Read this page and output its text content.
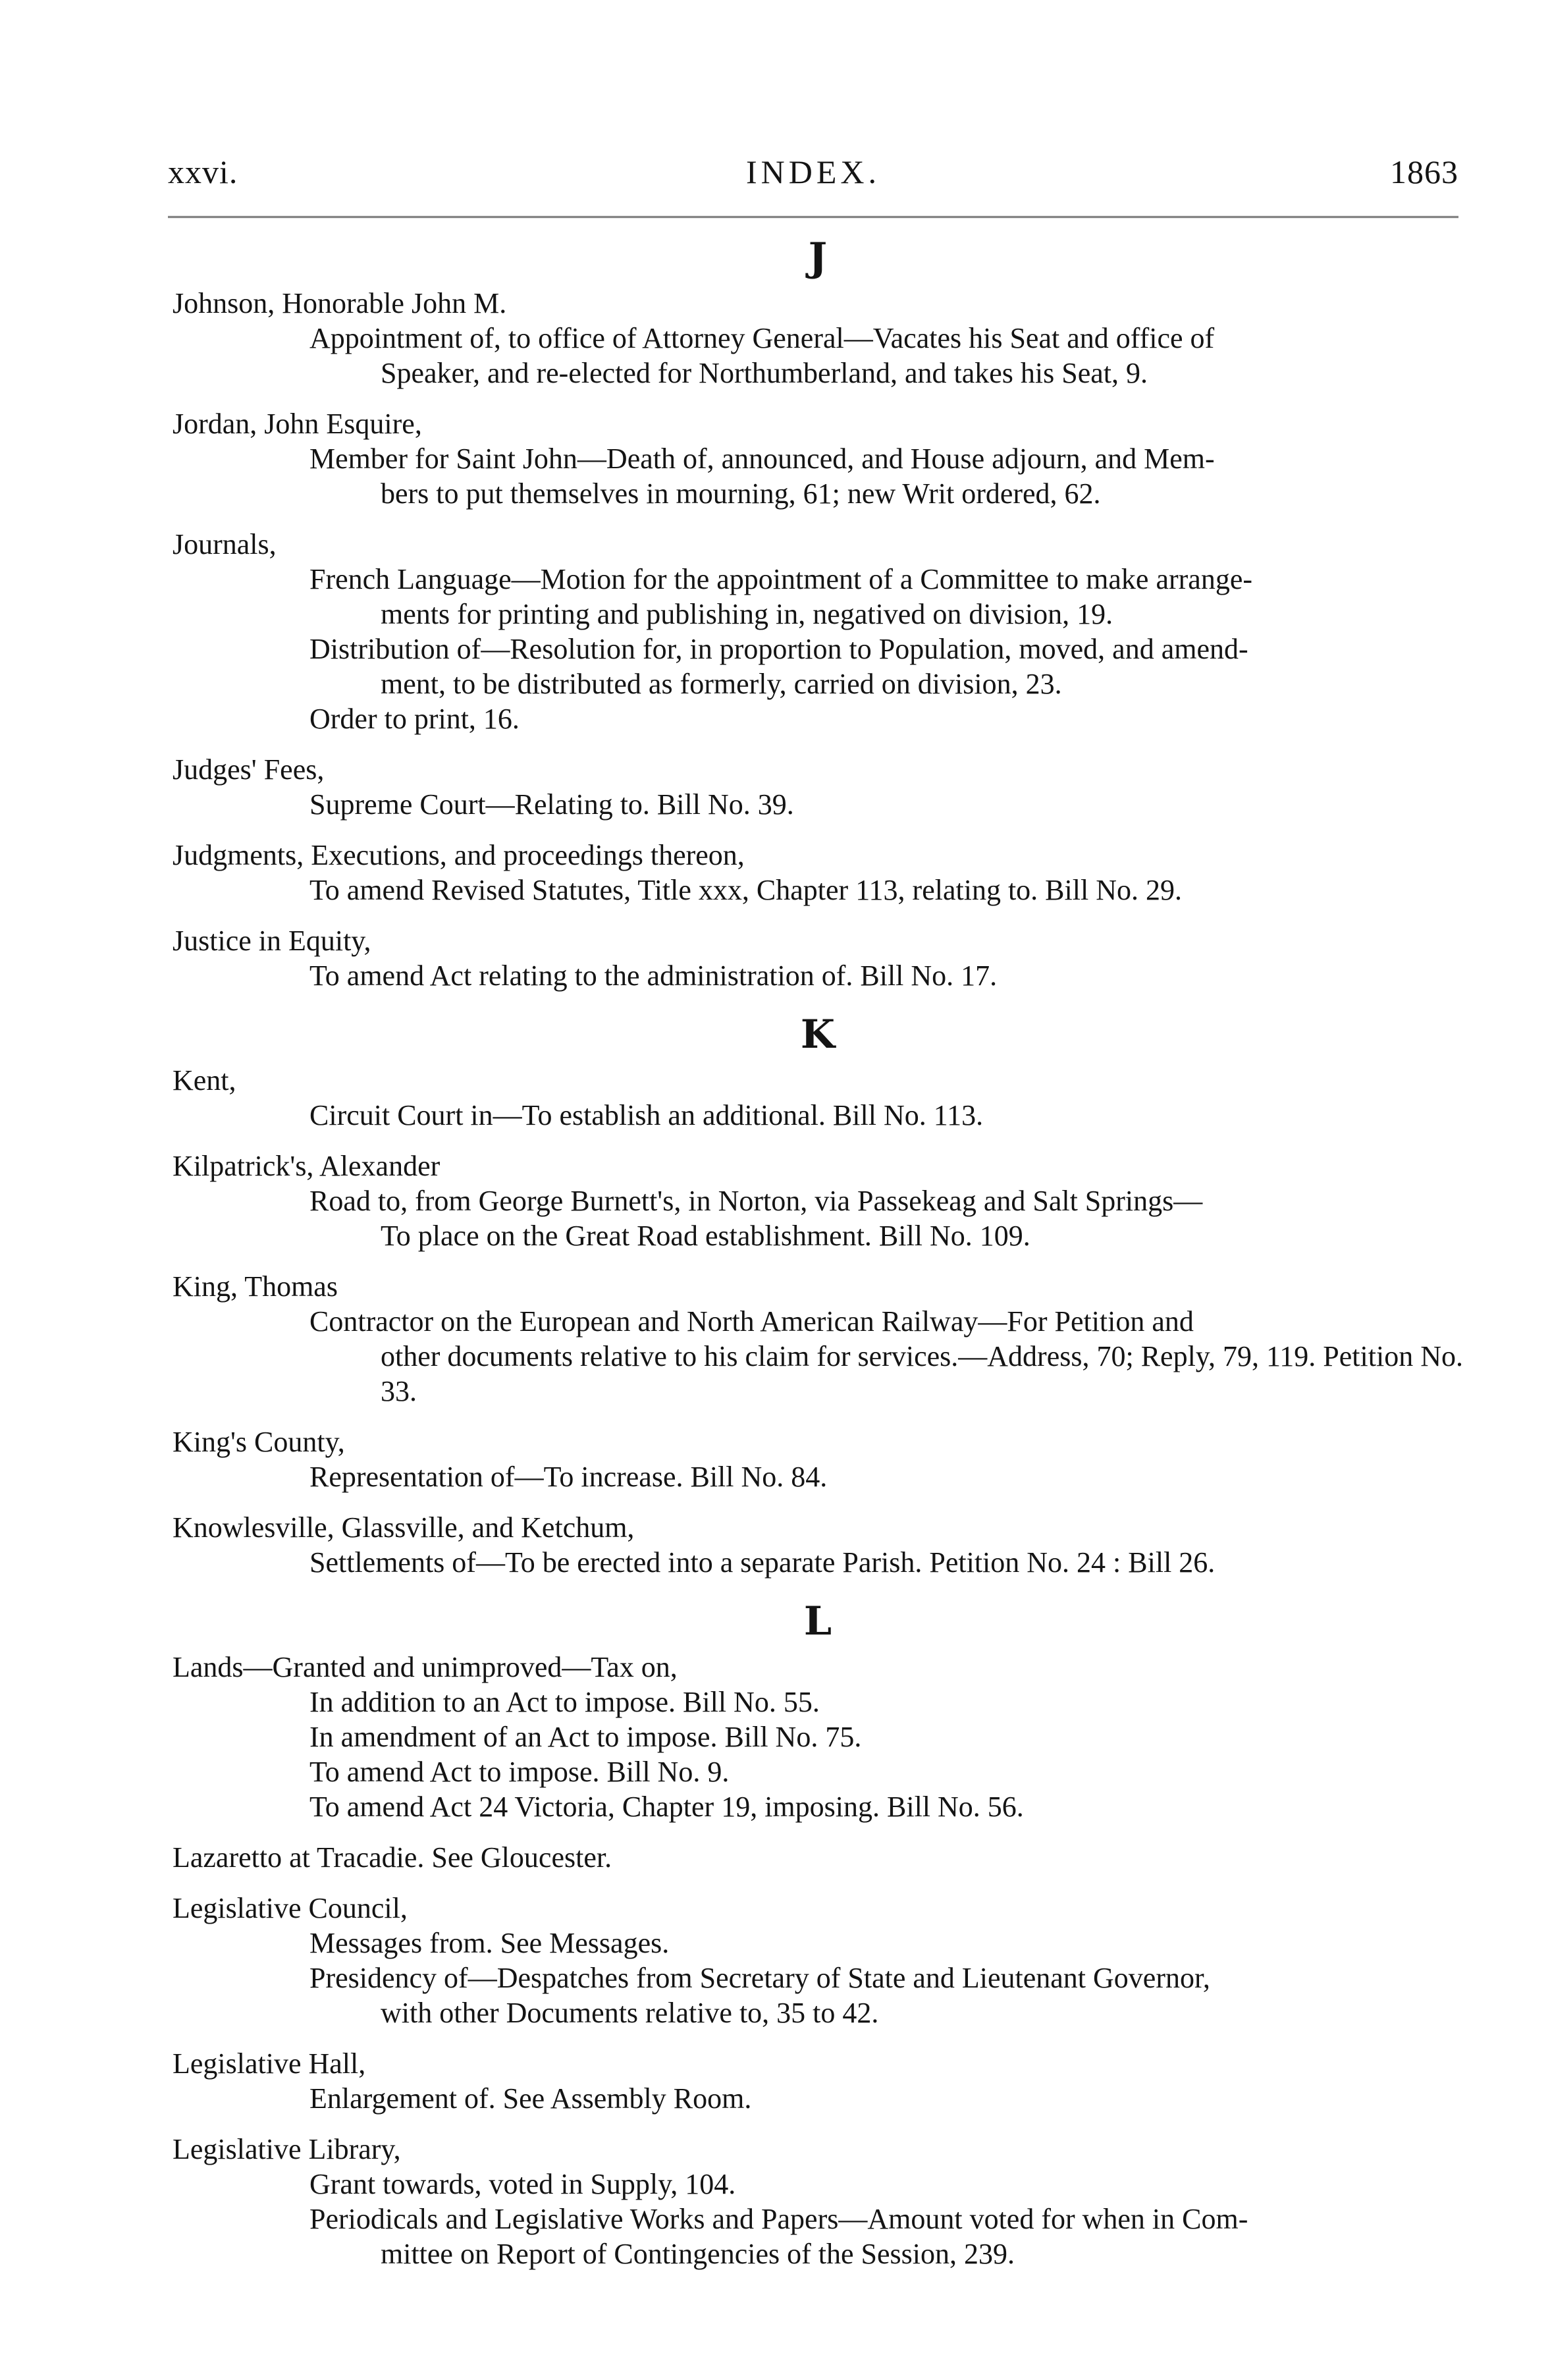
xxvi.	INDEX.	1863
J
Johnson, Honorable John M.
Appointment of, to office of Attorney General—Vacates his Seat and office of
Speaker, and re-elected for Northumberland, and takes his Seat, 9.
Jordan, John Esquire,
Member for Saint John—Death of, announced, and House adjourn, and Mem-
bers to put themselves in mourning, 61; new Writ ordered, 62.
Journals,
French Language—Motion for the appointment of a Committee to make arrange-
ments for printing and publishing in, negatived on division, 19.
Distribution of—Resolution for, in proportion to Population, moved, and amend-
ment, to be distributed as formerly, carried on division, 23.
Order to print, 16.
Judges' Fees,
Supreme Court—Relating to. Bill No. 39.
Judgments, Executions, and proceedings thereon,
To amend Revised Statutes, Title xxx, Chapter 113, relating to. Bill No. 29.
Justice in Equity,
To amend Act relating to the administration of. Bill No. 17.
K
Kent,
Circuit Court in—To establish an additional. Bill No. 113.
Kilpatrick's, Alexander
Road to, from George Burnett's, in Norton, via Passekeag and Salt Springs—
To place on the Great Road establishment. Bill No. 109.
King, Thomas
Contractor on the European and North American Railway—For Petition and
other documents relative to his claim for services.—Address, 70; Reply, 79, 119. Petition No. 33.
King's County,
Representation of—To increase. Bill No. 84.
Knowlesville, Glassville, and Ketchum,
Settlements of—To be erected into a separate Parish. Petition No. 24 : Bill 26.
L
Lands—Granted and unimproved—Tax on,
In addition to an Act to impose. Bill No. 55.
In amendment of an Act to impose. Bill No. 75.
To amend Act to impose. Bill No. 9.
To amend Act 24 Victoria, Chapter 19, imposing. Bill No. 56.
Lazaretto at Tracadie. See Gloucester.
Legislative Council,
Messages from. See Messages.
Presidency of—Despatches from Secretary of State and Lieutenant Governor,
with other Documents relative to, 35 to 42.
Legislative Hall,
Enlargement of. See Assembly Room.
Legislative Library,
Grant towards, voted in Supply, 104.
Periodicals and Legislative Works and Papers—Amount voted for when in Com-
mittee on Report of Contingencies of the Session, 239.
